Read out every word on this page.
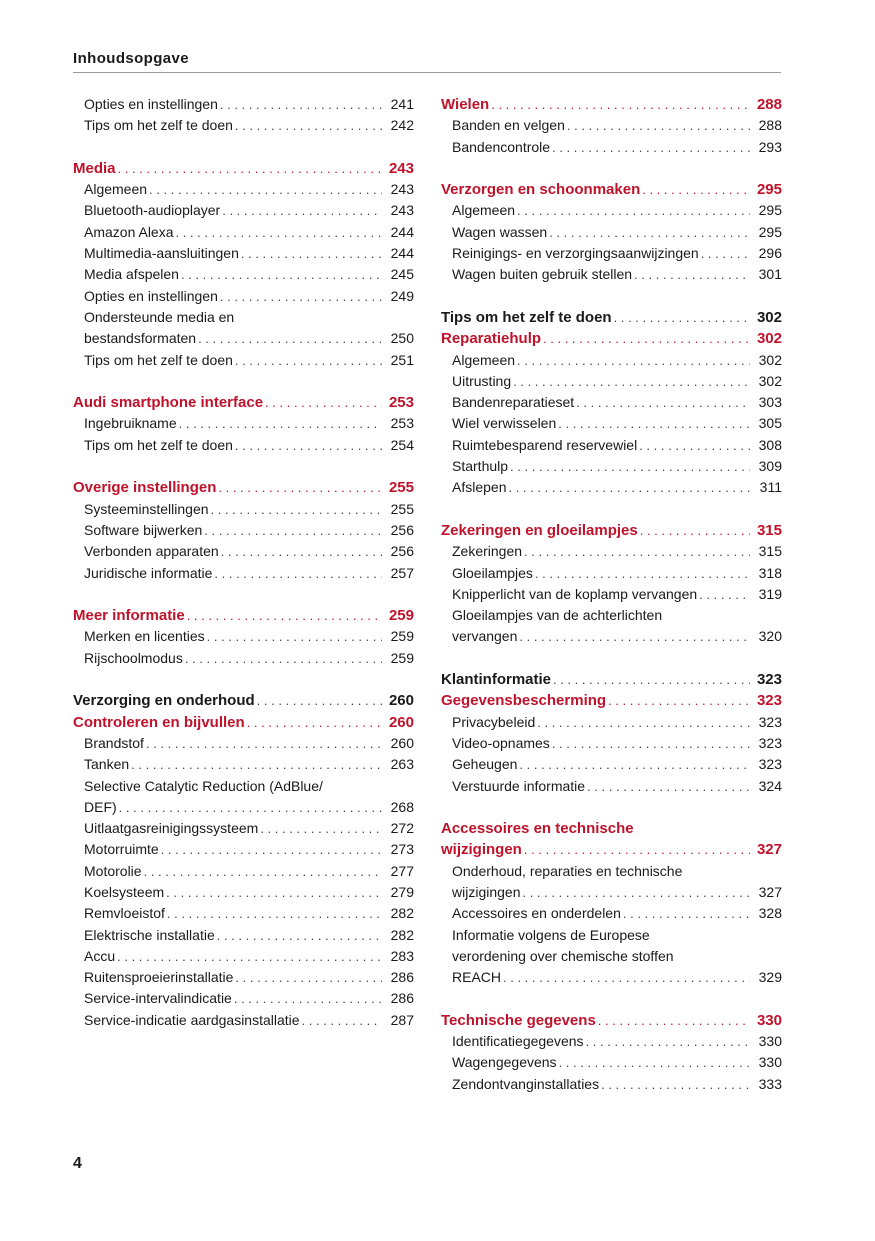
Inhoudsopgave
Opties en instellingen . . .	241
Tips om het zelf te doen . . .	242
Media . . .	243
Algemeen . . .	243
Bluetooth-audioplayer . . .	243
Amazon Alexa . . .	244
Multimedia-aansluitingen . . .	244
Media afspelen . . .	245
Opties en instellingen . . .	249
Ondersteunde media en
bestandsformaten . . .	250
Tips om het zelf te doen . . .	251
Audi smartphone interface . . .	253
Ingebruikname . . .	253
Tips om het zelf te doen . . .	254
Overige instellingen . . .	255
Systeeminstellingen . . .	255
Software bijwerken . . .	256
Verbonden apparaten . . .	256
Juridische informatie . . .	257
Meer informatie . . .	259
Merken en licenties . . .	259
Rijschoolmodus . . .	259
Verzorging en onderhoud . . .	260
Controleren en bijvullen . . .	260
Brandstof . . .	260
Tanken . . .	263
Selective Catalytic Reduction (AdBlue/
DEF) . . .	268
Uitlaatgasreinigingssysteem . . .	272
Motorruimte . . .	273
Motorolie . . .	277
Koelsysteem . . .	279
Remvloeistof . . .	282
Elektrische installatie . . .	282
Accu . . .	283
Ruitensproeierinstallatie . . .	286
Service-intervalindicatie . . .	286
Service-indicatie aardgasinstallatie . . .	287
Wielen . . .	288
Banden en velgen . . .	288
Bandencontrole . . .	293
Verzorgen en schoonmaken . . .	295
Algemeen . . .	295
Wagen wassen . . .	295
Reinigings- en verzorgingsaanwijzingen . . .	296
Wagen buiten gebruik stellen . . .	301
Tips om het zelf te doen . . .	302
Reparatiehulp . . .	302
Algemeen . . .	302
Uitrusting . . .	302
Bandenreparatieset . . .	303
Wiel verwisselen . . .	305
Ruimtebesparend reservewiel . . .	308
Starthulp . . .	309
Afslepen . . .	311
Zekeringen en gloeilampjes . . .	315
Zekeringen . . .	315
Gloeilampjes . . .	318
Knipperlicht van de koplamp vervangen . . .	319
Gloeilampjes van de achterlichten
vervangen . . .	320
Klantinformatie . . .	323
Gegevensbescherming . . .	323
Privacybeleid . . .	323
Video-opnames . . .	323
Geheugen . . .	323
Verstuurde informatie . . .	324
Accessoires en technische
wijzigingen . . .	327
Onderhoud, reparaties en technische
wijzigingen . . .	327
Accessoires en onderdelen . . .	328
Informatie volgens de Europese
verordening over chemische stoffen
REACH . . .	329
Technische gegevens . . .	330
Identificatiegegevens . . .	330
Wagengegevens . . .	330
Zendontvanginstallaties . . .	333
4
